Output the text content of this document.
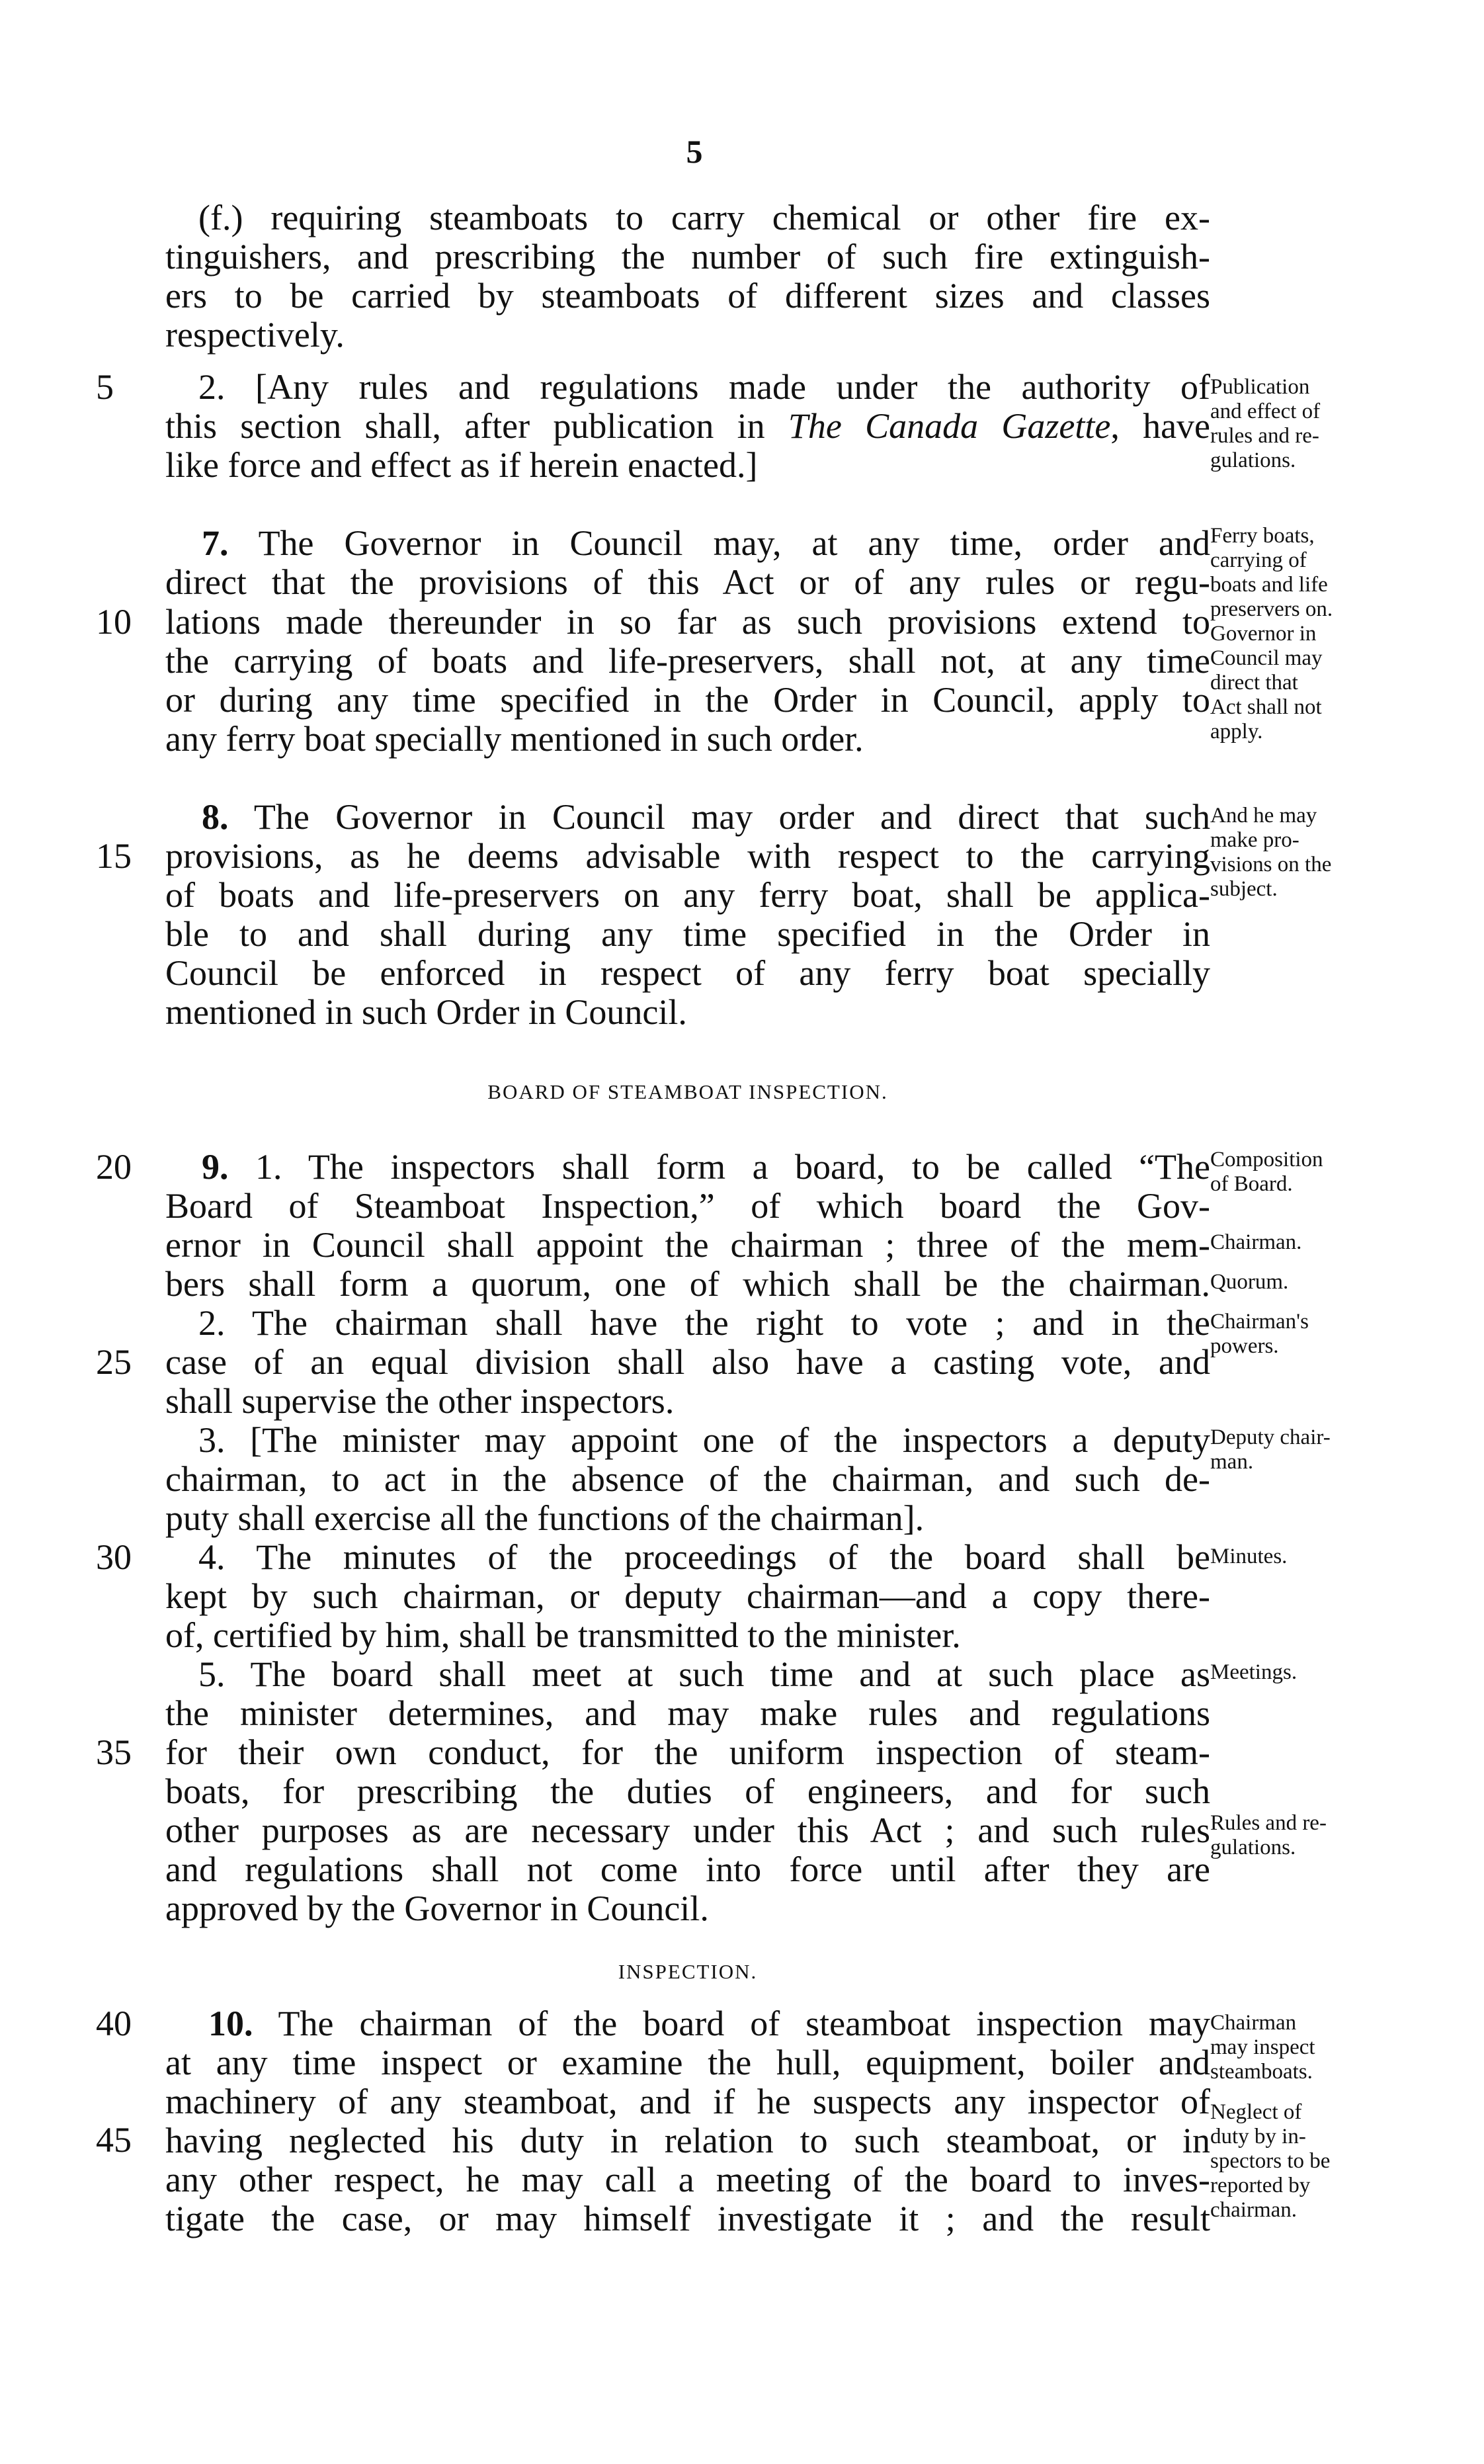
5
5
10
15
20
25
30
35
40
45
(f.) requiring steamboats to carry chemical or other fire ex-
tinguishers, and prescribing the number of such fire extinguish-
ers to be carried by steamboats of different sizes and classes
respectively.
2. [Any rules and regulations made under the authority of
this section shall, after publication in The Canada Gazette, have
like force and effect as if herein enacted.]
7. The Governor in Council may, at any time, order and
direct that the provisions of this Act or of any rules or regu-
lations made thereunder in so far as such provisions extend to
the carrying of boats and life-preservers, shall not, at any time
or during any time specified in the Order in Council, apply to
any ferry boat specially mentioned in such order.
8. The Governor in Council may order and direct that such
provisions, as he deems advisable with respect to the carrying
of boats and life-preservers on any ferry boat, shall be applica-
ble to and shall during any time specified in the Order in
Council be enforced in respect of any ferry boat specially
mentioned in such Order in Council.
BOARD OF STEAMBOAT INSPECTION.
9. 1. The inspectors shall form a board, to be called “The
Board of Steamboat Inspection,” of which board the Gov-
ernor in Council shall appoint the chairman ; three of the mem-
bers shall form a quorum, one of which shall be the chairman.
2. The chairman shall have the right to vote ; and in the
case of an equal division shall also have a casting vote, and
shall supervise the other inspectors.
3. [The minister may appoint one of the inspectors a deputy
chairman, to act in the absence of the chairman, and such de-
puty shall exercise all the functions of the chairman].
4. The minutes of the proceedings of the board shall be
kept by such chairman, or deputy chairman—and a copy there-
of, certified by him, shall be transmitted to the minister.
5. The board shall meet at such time and at such place as
the minister determines, and may make rules and regulations
for their own conduct, for the uniform inspection of steam-
boats, for prescribing the duties of engineers, and for such
other purposes as are necessary under this Act ; and such rules
and regulations shall not come into force until after they are
approved by the Governor in Council.
INSPECTION.
10. The chairman of the board of steamboat inspection may
at any time inspect or examine the hull, equipment, boiler and
machinery of any steamboat, and if he suspects any inspector of
having neglected his duty in relation to such steamboat, or in
any other respect, he may call a meeting of the board to inves-
tigate the case, or may himself investigate it ; and the result
Publication
and effect of
rules and re-
gulations.
Ferry boats,
carrying of
boats and life
preservers on.
Governor in
Council may
direct that
Act shall not
apply.
And he may
make pro-
visions on the
subject.
Composition
of Board.
Chairman.
Quorum.
Chairman's
powers.
Deputy chair-
man.
Minutes.
Meetings.
Rules and re-
gulations.
Chairman
may inspect
steamboats.
Neglect of
duty by in-
spectors to be
reported by
chairman.
